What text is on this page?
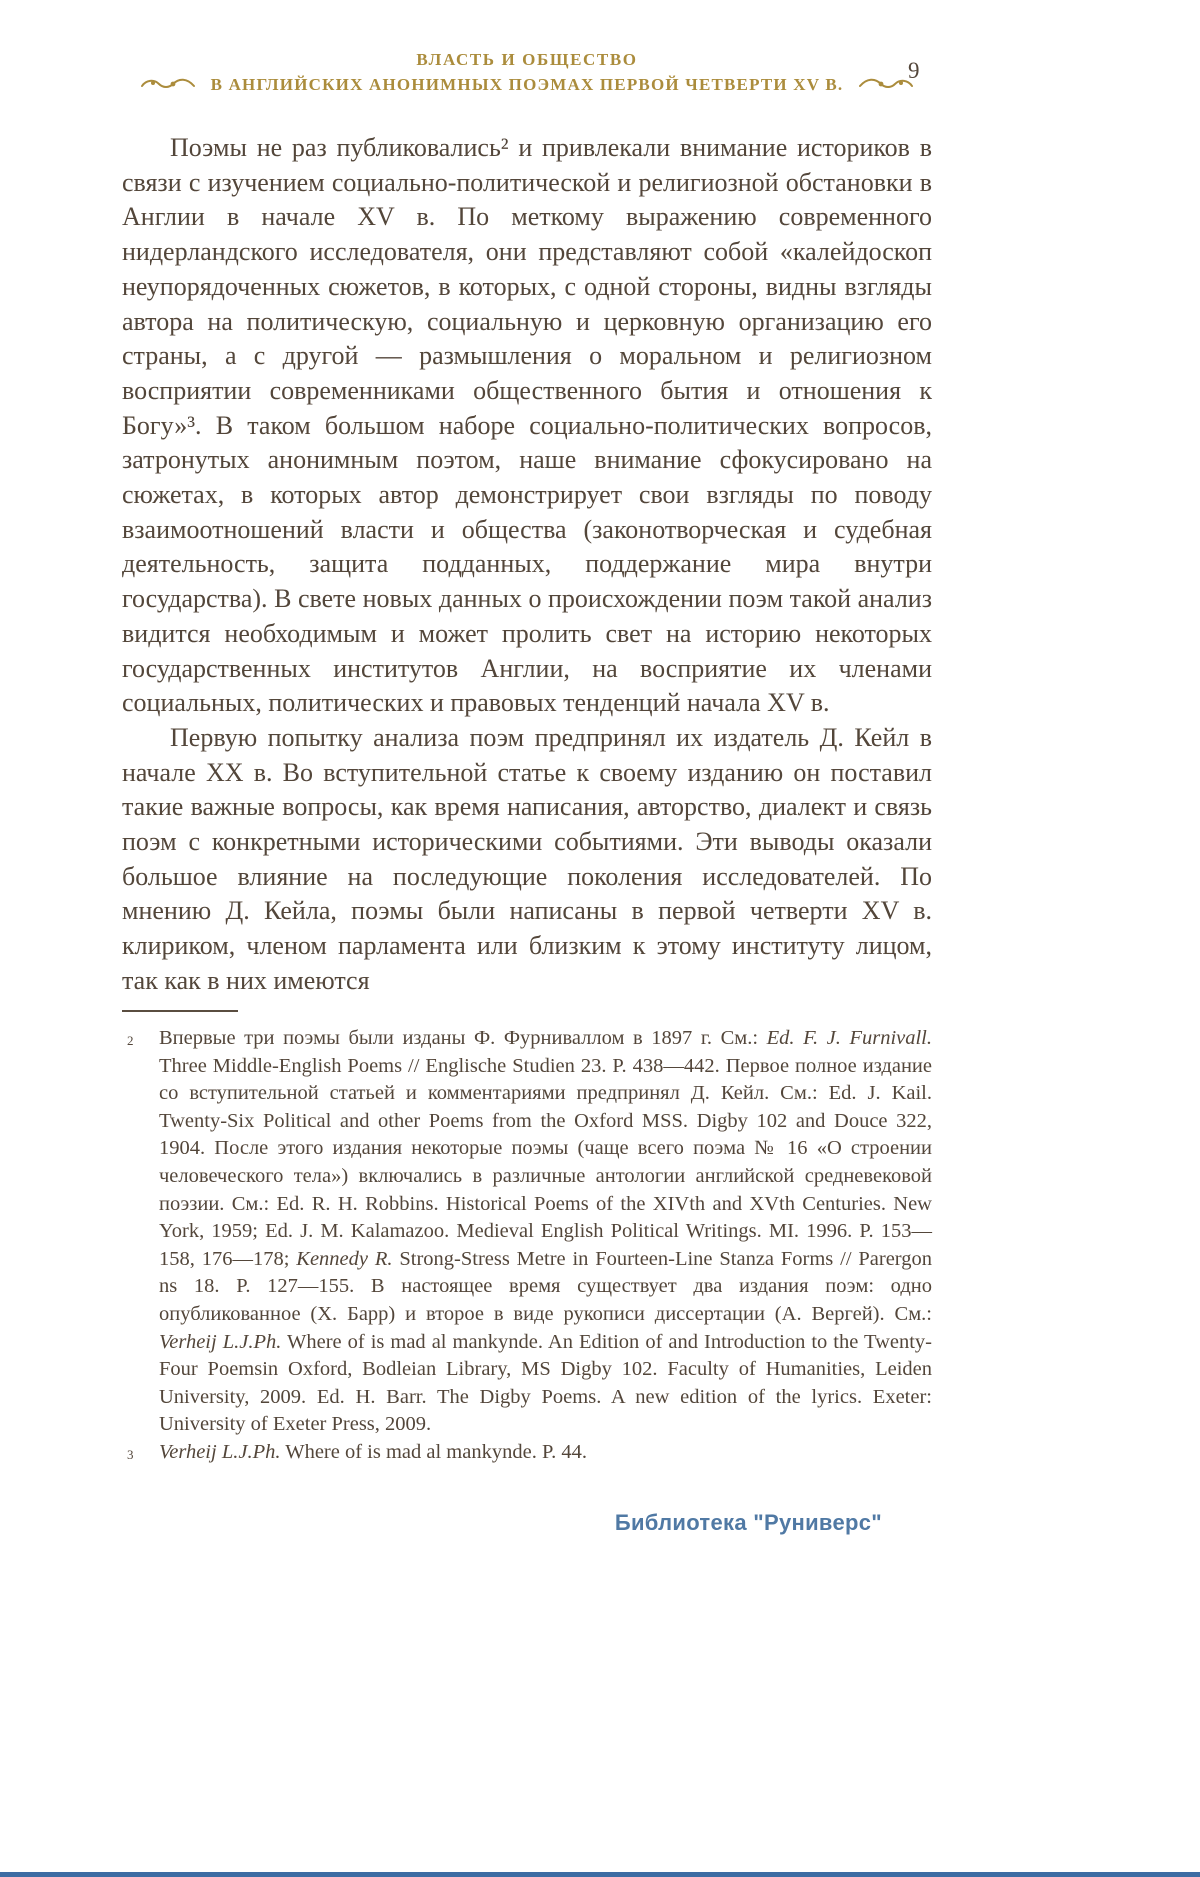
ВЛАСТЬ И ОБЩЕСТВО
В АНГЛИЙСКИХ АНОНИМНЫХ ПОЭМАХ ПЕРВОЙ ЧЕТВЕРТИ XV В.
9

Поэмы не раз публиковались² и привлекали внимание историков в связи с изучением социально-политической и религиозной обстановки в Англии в начале XV в. По меткому выражению современного нидерландского исследователя, они представляют собой «калейдоскоп неупорядоченных сюжетов, в которых, с одной стороны, видны взгляды автора на политическую, социальную и церковную организацию его страны, а с другой — размышления о моральном и религиозном восприятии современниками общественного бытия и отношения к Богу»³. В таком большом наборе социально-политических вопросов, затронутых анонимным поэтом, наше внимание сфокусировано на сюжетах, в которых автор демонстрирует свои взгляды по поводу взаимоотношений власти и общества (законотворческая и судебная деятельность, защита подданных, поддержание мира внутри государства). В свете новых данных о происхождении поэм такой анализ видится необходимым и может пролить свет на историю некоторых государственных институтов Англии, на восприятие их членами социальных, политических и правовых тенденций начала XV в.

Первую попытку анализа поэм предпринял их издатель Д. Кейл в начале XX в. Во вступительной статье к своему изданию он поставил такие важные вопросы, как время написания, авторство, диалект и связь поэм с конкретными историческими событиями. Эти выводы оказали большое влияние на последующие поколения исследователей. По мнению Д. Кейла, поэмы были написаны в первой четверти XV в. клириком, членом парламента или близким к этому институту лицом, так как в них имеются

2 Впервые три поэмы были изданы Ф. Фурниваллом в 1897 г. См.: Ed. F. J. Furnivall. Three Middle-English Poems // Englische Studien 23. P. 438—442. Первое полное издание со вступительной статьей и комментариями предпринял Д. Кейл. См.: Ed. J. Kail. Twenty-Six Political and other Poems from the Oxford MSS. Digby 102 and Douce 322, 1904. После этого издания некоторые поэмы (чаще всего поэма № 16 «О строении человеческого тела») включались в различные антологии английской средневековой поэзии. См.: Ed. R. H. Robbins. Historical Poems of the XIVth and XVth Centuries. New York, 1959; Ed. J. M. Kalamazoo. Medieval English Political Writings. MI. 1996. P. 153—158, 176—178; Kennedy R. Strong-Stress Metre in Fourteen-Line Stanza Forms // Parergon ns 18. P. 127—155. В настоящее время существует два издания поэм: одно опубликованное (Х. Барр) и второе в виде рукописи диссертации (А. Вергей). См.: Verheij L.J.Ph. Where of is mad al mankynde. An Edition of and Introduction to the Twenty-Four Poemsin Oxford, Bodleian Library, MS Digby 102. Faculty of Humanities, Leiden University, 2009. Ed. H. Barr. The Digby Poems. A new edition of the lyrics. Exeter: University of Exeter Press, 2009.
3 Verheij L.J.Ph. Where of is mad al mankynde. P. 44.
Библиотека "Руниверс"
